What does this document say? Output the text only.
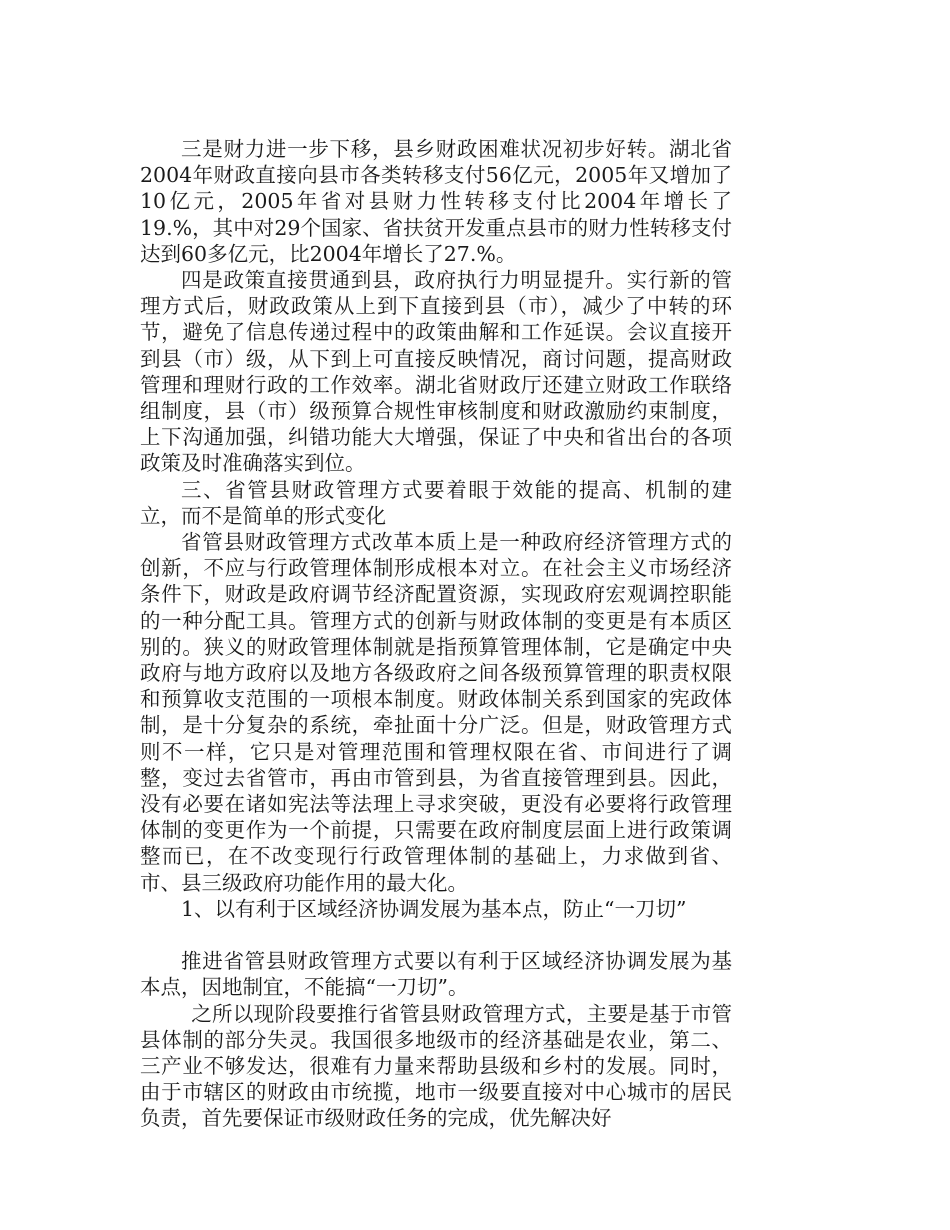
三是财力进一步下移，县乡财政困难状况初步好转。湖北省2004年财政直接向县市各类转移支付56亿元，2005年又增加了10亿元，2005年省对县财力性转移支付比2004年增长了19.%，其中对29个国家、省扶贫开发重点县市的财力性转移支付达到60多亿元，比2004年增长了27.%。

四是政策直接贯通到县，政府执行力明显提升。实行新的管理方式后，财政政策从上到下直接到县（市），减少了中转的环节，避免了信息传递过程中的政策曲解和工作延误。会议直接开到县（市）级，从下到上可直接反映情况，商讨问题，提高财政管理和理财行政的工作效率。湖北省财政厅还建立财政工作联络组制度，县（市）级预算合规性审核制度和财政激励约束制度，上下沟通加强，纠错功能大大增强，保证了中央和省出台的各项政策及时准确落实到位。

三、省管县财政管理方式要着眼于效能的提高、机制的建立，而不是简单的形式变化

省管县财政管理方式改革本质上是一种政府经济管理方式的创新，不应与行政管理体制形成根本对立。在社会主义市场经济条件下，财政是政府调节经济配置资源，实现政府宏观调控职能的一种分配工具。管理方式的创新与财政体制的变更是有本质区别的。狭义的财政管理体制就是指预算管理体制，它是确定中央政府与地方政府以及地方各级政府之间各级预算管理的职责权限和预算收支范围的一项根本制度。财政体制关系到国家的宪政体制，是十分复杂的系统，牵扯面十分广泛。但是，财政管理方式则不一样，它只是对管理范围和管理权限在省、市间进行了调整，变过去省管市，再由市管到县，为省直接管理到县。因此，没有必要在诸如宪法等法理上寻求突破，更没有必要将行政管理体制的变更作为一个前提，只需要在政府制度层面上进行政策调整而已，在不改变现行行政管理体制的基础上，力求做到省、市、县三级政府功能作用的最大化。

1、以有利于区域经济协调发展为基本点，防止“一刀切”

推进省管县财政管理方式要以有利于区域经济协调发展为基本点，因地制宜，不能搞“一刀切”。

之所以现阶段要推行省管县财政管理方式，主要是基于市管县体制的部分失灵。我国很多地级市的经济基础是农业，第二、三产业不够发达，很难有力量来帮助县级和乡村的发展。同时，由于市辖区的财政由市统揽，地市一级要直接对中心城市的居民负责，首先要保证市级财政任务的完成，优先解决好
